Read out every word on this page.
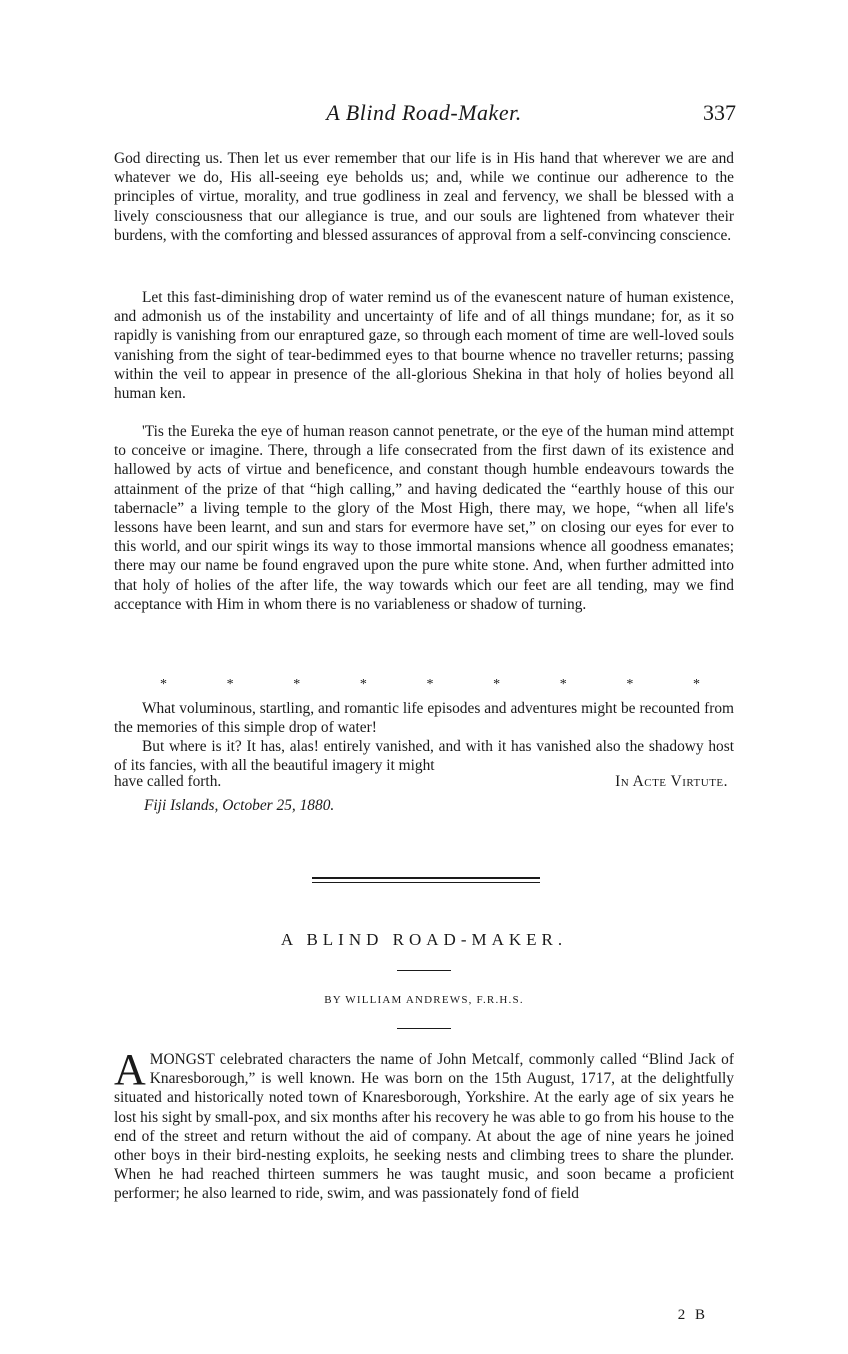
A Blind Road-Maker.	337

God directing us. Then let us ever remember that our life is in His hand that wherever we are and whatever we do, His all-seeing eye beholds us; and, while we continue our adherence to the principles of virtue, morality, and true godliness in zeal and fervency, we shall be blessed with a lively consciousness that our allegiance is true, and our souls are lightened from whatever their burdens, with the comforting and blessed assurances of approval from a self-convincing conscience.

Let this fast-diminishing drop of water remind us of the evanescent nature of human existence, and admonish us of the instability and uncertainty of life and of all things mundane; for, as it so rapidly is vanishing from our enraptured gaze, so through each moment of time are well-loved souls vanishing from the sight of tear-bedimmed eyes to that bourne whence no traveller returns; passing within the veil to appear in presence of the all-glorious Shekina in that holy of holies beyond all human ken.

'Tis the Eureka the eye of human reason cannot penetrate, or the eye of the human mind attempt to conceive or imagine. There, through a life consecrated from the first dawn of its existence and hallowed by acts of virtue and beneficence, and constant though humble endeavours towards the attainment of the prize of that “high calling,” and having dedicated the “earthly house of this our tabernacle” a living temple to the glory of the Most High, there may, we hope, “when all life's lessons have been learnt, and sun and stars for evermore have set,” on closing our eyes for ever to this world, and our spirit wings its way to those immortal mansions whence all goodness emanates; there may our name be found engraved upon the pure white stone. And, when further admitted into that holy of holies of the after life, the way towards which our feet are all tending, may we find acceptance with Him in whom there is no variableness or shadow of turning.

*	*	*	*	*	*	*	*	*

What voluminous, startling, and romantic life episodes and adventures might be recounted from the memories of this simple drop of water!

But where is it? It has, alas! entirely vanished, and with it has vanished also the shadowy host of its fancies, with all the beautiful imagery it might

have called forth.	In Acte Virtute.
Fiji Islands, October 25, 1880.
A BLIND ROAD-MAKER.
BY WILLIAM ANDREWS, F.R.H.S.

AMONGST celebrated characters the name of John Metcalf, commonly called “Blind Jack of Knaresborough,” is well known. He was born on the 15th August, 1717, at the delightfully situated and historically noted town of Knaresborough, Yorkshire. At the early age of six years he lost his sight by small-pox, and six months after his recovery he was able to go from his house to the end of the street and return without the aid of company. At about the age of nine years he joined other boys in their bird-nesting exploits, he seeking nests and climbing trees to share the plunder. When he had reached thirteen summers he was taught music, and soon became a proficient performer; he also learned to ride, swim, and was passionately fond of field

2 B
